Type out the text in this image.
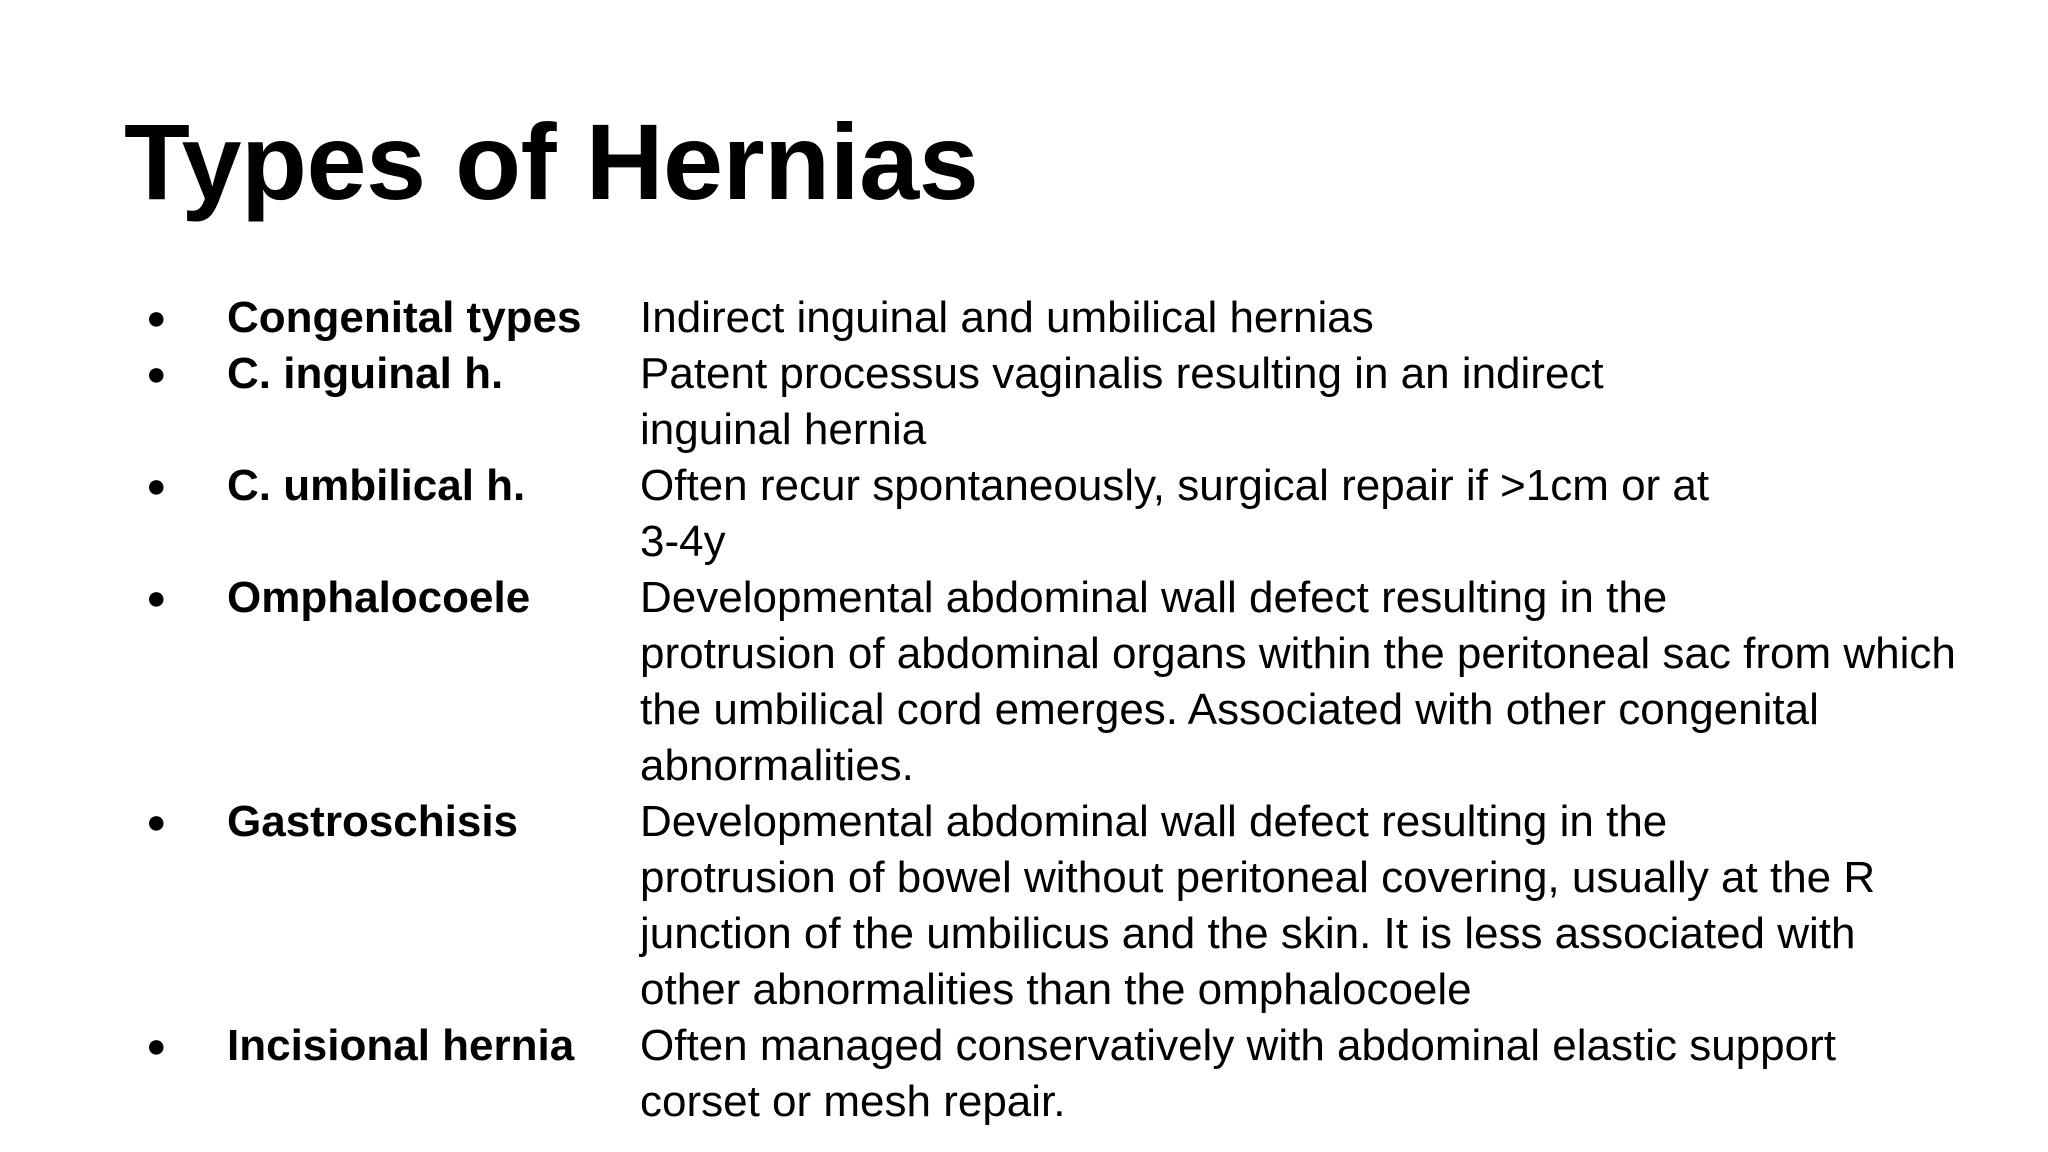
Types of Hernias
●	Congenital types	Indirect inguinal and umbilical hernias
●	C. inguinal h.	Patent processus vaginalis resulting in an indirect
inguinal hernia
●	C. umbilical h.	Often recur spontaneously, surgical repair if >1cm or at
3-4y
●	Omphalocoele	Developmental abdominal wall defect resulting in the
protrusion of abdominal organs within the peritoneal sac from which
the umbilical cord emerges. Associated with other congenital
abnormalities.
●	Gastroschisis	Developmental abdominal wall defect resulting in the
protrusion of bowel without peritoneal covering, usually at the R
junction of the umbilicus and the skin. It is less associated with
other abnormalities than the omphalocoele
●	Incisional hernia	Often managed conservatively with abdominal elastic support
corset or mesh repair.
